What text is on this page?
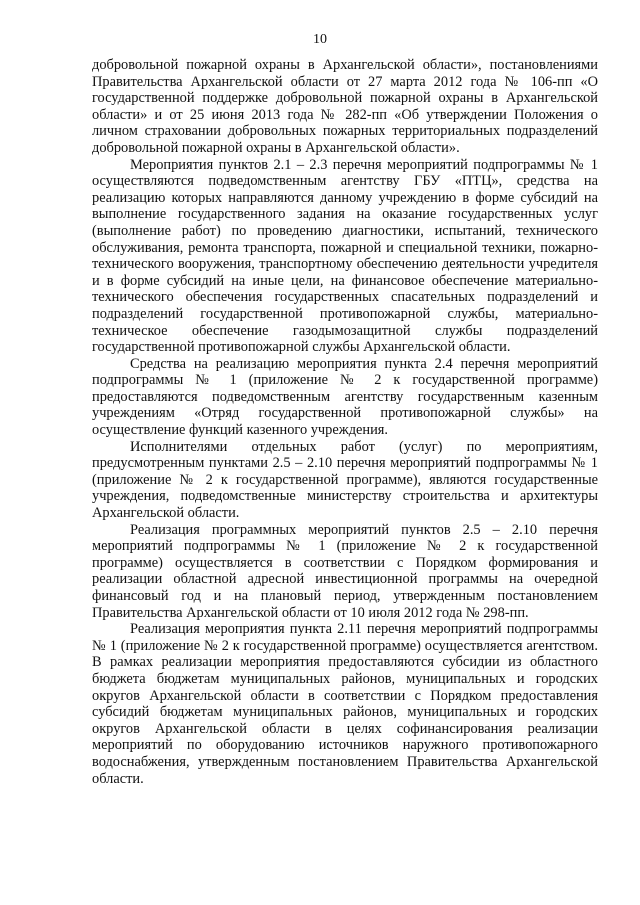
10

добровольной пожарной охраны в Архангельской области», постановлениями Правительства Архангельской области от 27 марта 2012 года № 106-пп «О государственной поддержке добровольной пожарной охраны в Архангельской области» и от 25 июня 2013 года № 282-пп «Об утверждении Положения о личном страховании добровольных пожарных территориальных подразделений добровольной пожарной охраны в Архангельской области».

Мероприятия пунктов 2.1 – 2.3 перечня мероприятий подпрограммы № 1 осуществляются подведомственным агентству ГБУ «ПТЦ», средства на реализацию которых направляются данному учреждению в форме субсидий на выполнение государственного задания на оказание государственных услуг (выполнение работ) по проведению диагностики, испытаний, технического обслуживания, ремонта транспорта, пожарной и специальной техники, пожарно-технического вооружения, транспортному обеспечению деятельности учредителя и в форме субсидий на иные цели, на финансовое обеспечение материально-технического обеспечения государственных спасательных подразделений и подразделений государственной противопожарной службы, материально-техническое обеспечение газодымозащитной службы подразделений государственной противопожарной службы Архангельской области.

Средства на реализацию мероприятия пункта 2.4 перечня мероприятий подпрограммы № 1 (приложение № 2 к государственной программе) предоставляются подведомственным агентству государственным казенным учреждениям «Отряд государственной противопожарной службы» на осуществление функций казенного учреждения.

Исполнителями отдельных работ (услуг) по мероприятиям, предусмотренным пунктами 2.5 – 2.10 перечня мероприятий подпрограммы № 1 (приложение № 2 к государственной программе), являются государственные учреждения, подведомственные министерству строительства и архитектуры Архангельской области.

Реализация программных мероприятий пунктов 2.5 – 2.10 перечня мероприятий подпрограммы № 1 (приложение № 2 к государственной программе) осуществляется в соответствии с Порядком формирования и реализации областной адресной инвестиционной программы на очередной финансовый год и на плановый период, утвержденным постановлением Правительства Архангельской области от 10 июля 2012 года № 298-пп.

Реализация мероприятия пункта 2.11 перечня мероприятий подпрограммы № 1 (приложение № 2 к государственной программе) осуществляется агентством. В рамках реализации мероприятия предоставляются субсидии из областного бюджета бюджетам муниципальных районов, муниципальных и городских округов Архангельской области в соответствии с Порядком предоставления субсидий бюджетам муниципальных районов, муниципальных и городских округов Архангельской области в целях софинансирования реализации мероприятий по оборудованию источников наружного противопожарного водоснабжения, утвержденным постановлением Правительства Архангельской области.
